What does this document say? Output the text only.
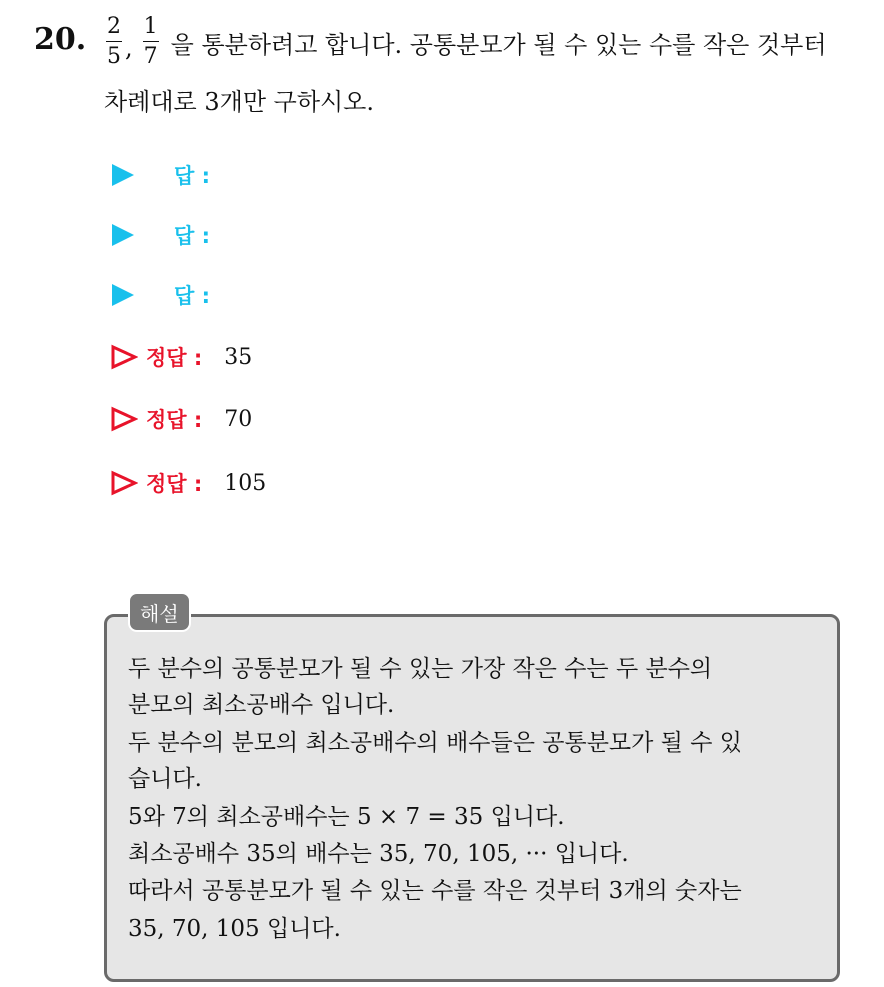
20. $\frac{2}{5}$ , $\frac{1}{7}$ 을 통분하려고 합니다. 공통분모가 될 수 있는 수를 작은 것부터
차례대로 3개만 구하시오.
답 :
답 :
답 :
정답 : 35
정답 : 70
정답 : 105
해설
두 분수의 공통분모가 될 수 있는 가장 작은 수는 두 분수의
분모의 최소공배수 입니다.
두 분수의 분모의 최소공배수의 배수들은 공통분모가 될 수 있
습니다.
5와 7의 최소공배수는 5 × 7 = 35 입니다.
최소공배수 35의 배수는 35, 70, 105, ··· 입니다.
따라서 공통분모가 될 수 있는 수를 작은 것부터 3개의 숫자는
35, 70, 105 입니다.
